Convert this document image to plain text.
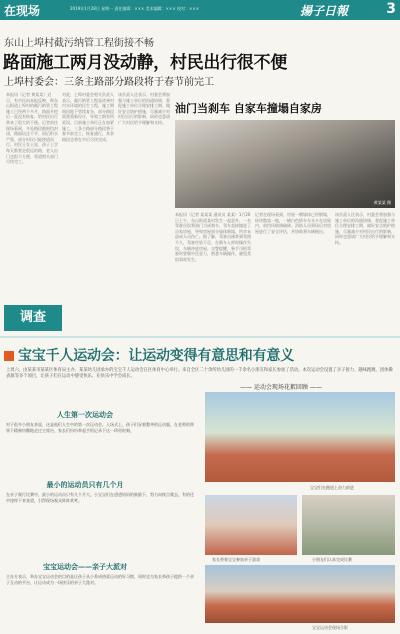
在现场	2019年1月28日 星期一 责任编辑：××× 美术编辑：××× 校对：×××	揚子日報	3
东山上埠村截污纳管工程街接不畅
路面施工两月没动静，村民出行很不便
上埠村委会：三条主路部分路段将于春节前完工
本报讯（记者 黄某某）近日，有市民向本报反映，称东山街道上埠村的截污纳管工程施工已经两个多月，路面开挖后一直没有恢复，给村民出行带来了很大的不便。记者前往现场看到，多处路段被围挡封闭，路面坑洼不平，雨后积水严重，部分村民只能绕道而行。村民王女士说，孩子上学每天都要走很远的路，老人出门也很不方便，希望相关部门尽快完工。
对此，上埠村委会相关负责人表示，截污纳管工程是改善村内水环境的民生工程，施工期间因地下管线复杂，部分路段需要重新设计，导致工期有所延误。目前施工单位正在加紧施工，三条主路部分路段将于春节前完工，恢复通行，其余路段也将在节后尽快完成。
该负责人还表示，村委会将加强与施工单位的沟通协调，督促施工单位合理安排工期，做好安全防护措施，尽量减少对村民出行的影响，同时也恳请广大村民给予理解和支持。
黄某某 摄
油门当刹车 自家车撞塌自家房
本报讯（记者 某某某 通讯员 某某）1月26日上午，东山街道某村发生一起意外，一名驾驶员误将油门当成刹车，驾车直接撞进了自家房屋，导致房屋部分墙体倒塌，所幸未造成人员伤亡。据了解，驾驶员刚拿到驾照不久，驾驶经验不足，在倒车入库时操作失误，车辆冲进房屋。交警提醒，新手司机驾驶时要集中注意力，熟悉车辆操作，避免类似事故发生。
记者在现场看到，房屋一侧墙体已经倒塌，砖块散落一地，一辆白色轿车车头卡在房屋内，前挡风玻璃破碎。消防人员到场后对房屋进行了安全评估，并协助将车辆拖出。
该负责人还表示，村委会将加强与施工单位的沟通协调，督促施工单位合理安排工期，做好安全防护措施，尽量减少对村民出行的影响，同时也恳请广大村民给予理解和支持。
调查
宝宝千人运动会：让运动变得有意思和有意义
上周六，由某某市某某区体育局主办、某某幼儿园承办的宝宝千人运动会在区体育中心举行。来自全区二十余所幼儿园的一千余名小朋友和家长参加了活动。本次运动会设置了亲子接力、趣味跑跳、团体操表演等多个项目，让孩子们在运动中感受快乐、在快乐中学会成长。
人生第一次运动会
对于很多小朋友来说，这是他们人生中的第一次运动会。入场式上，孩子们穿着整齐的运动服，在老师的带领下精神抖擞地走过主席台，家长们纷纷举起手机记录下这一珍贵时刻。
最小的运动员只有几个月
在亲子爬行比赛中，最小的运动员只有几个月大。小宝宝们在爸爸妈妈的鼓励下，努力向终点爬去，有的还中途停下来张望，引得现场观众阵阵欢笑。
宝宝运动会——亲子大派对
主办方表示，举办宝宝运动会的目的是让孩子从小养成热爱运动的好习惯，同时也为家长和孩子提供一个亲子互动的平台，让运动成为一场快乐的亲子大派对。
—— 运动会现场花絮回顾 ——
宝宝们在跑道上奋力前进
家长带着宝宝参加亲子游戏	小朋友们认真完成比赛
宝宝运动会现场合影
